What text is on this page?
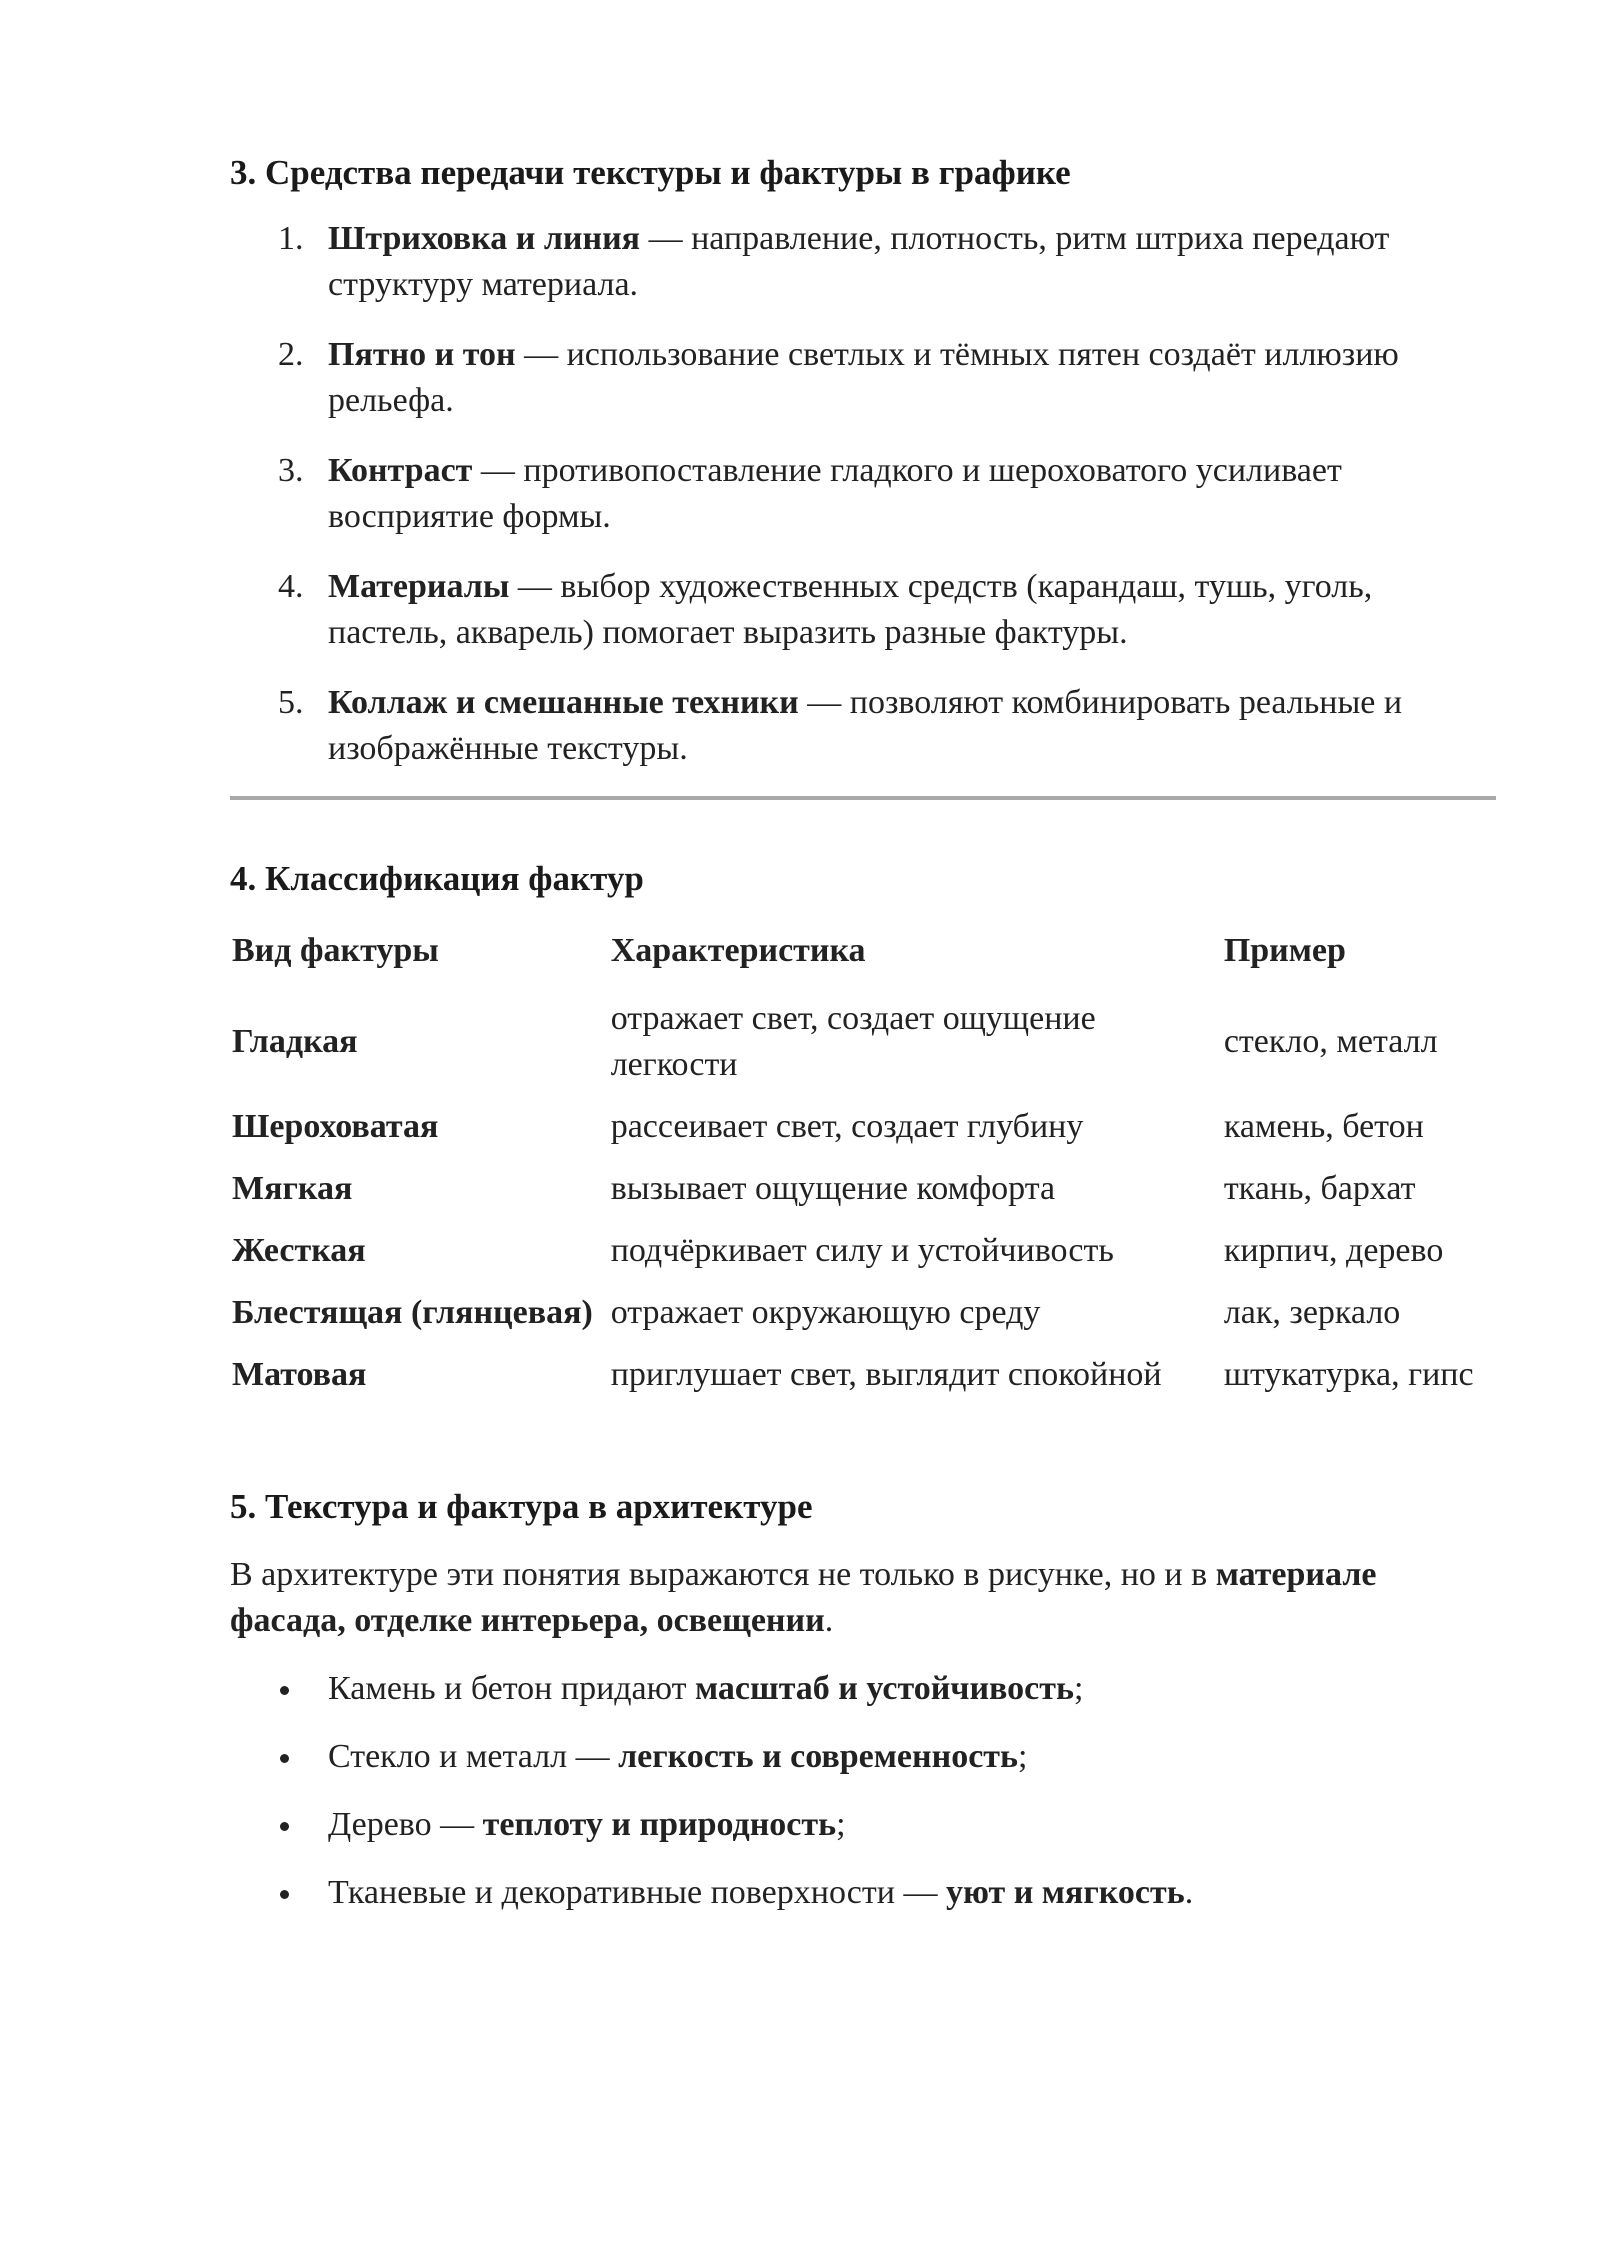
3. Средства передачи текстуры и фактуры в графике
1. Штриховка и линия — направление, плотность, ритм штриха передают структуру материала.
2. Пятно и тон — использование светлых и тёмных пятен создаёт иллюзию рельефа.
3. Контраст — противопоставление гладкого и шероховатого усиливает восприятие формы.
4. Материалы — выбор художественных средств (карандаш, тушь, уголь, пастель, акварель) помогает выразить разные фактуры.
5. Коллаж и смешанные техники — позволяют комбинировать реальные и изображённые текстуры.
4. Классификация фактур
Вид фактуры	Характеристика	Пример
Гладкая	отражает свет, создает ощущение легкости	стекло, металл
Шероховатая	рассеивает свет, создает глубину	камень, бетон
Мягкая	вызывает ощущение комфорта	ткань, бархат
Жесткая	подчёркивает силу и устойчивость	кирпич, дерево
Блестящая (глянцевая)	отражает окружающую среду	лак, зеркало
Матовая	приглушает свет, выглядит спокойной	штукатурка, гипс
5. Текстура и фактура в архитектуре
В архитектуре эти понятия выражаются не только в рисунке, но и в материале фасада, отделке интерьера, освещении.
Камень и бетон придают масштаб и устойчивость;
Стекло и металл — легкость и современность;
Дерево — теплоту и природность;
Тканевые и декоративные поверхности — уют и мягкость.
